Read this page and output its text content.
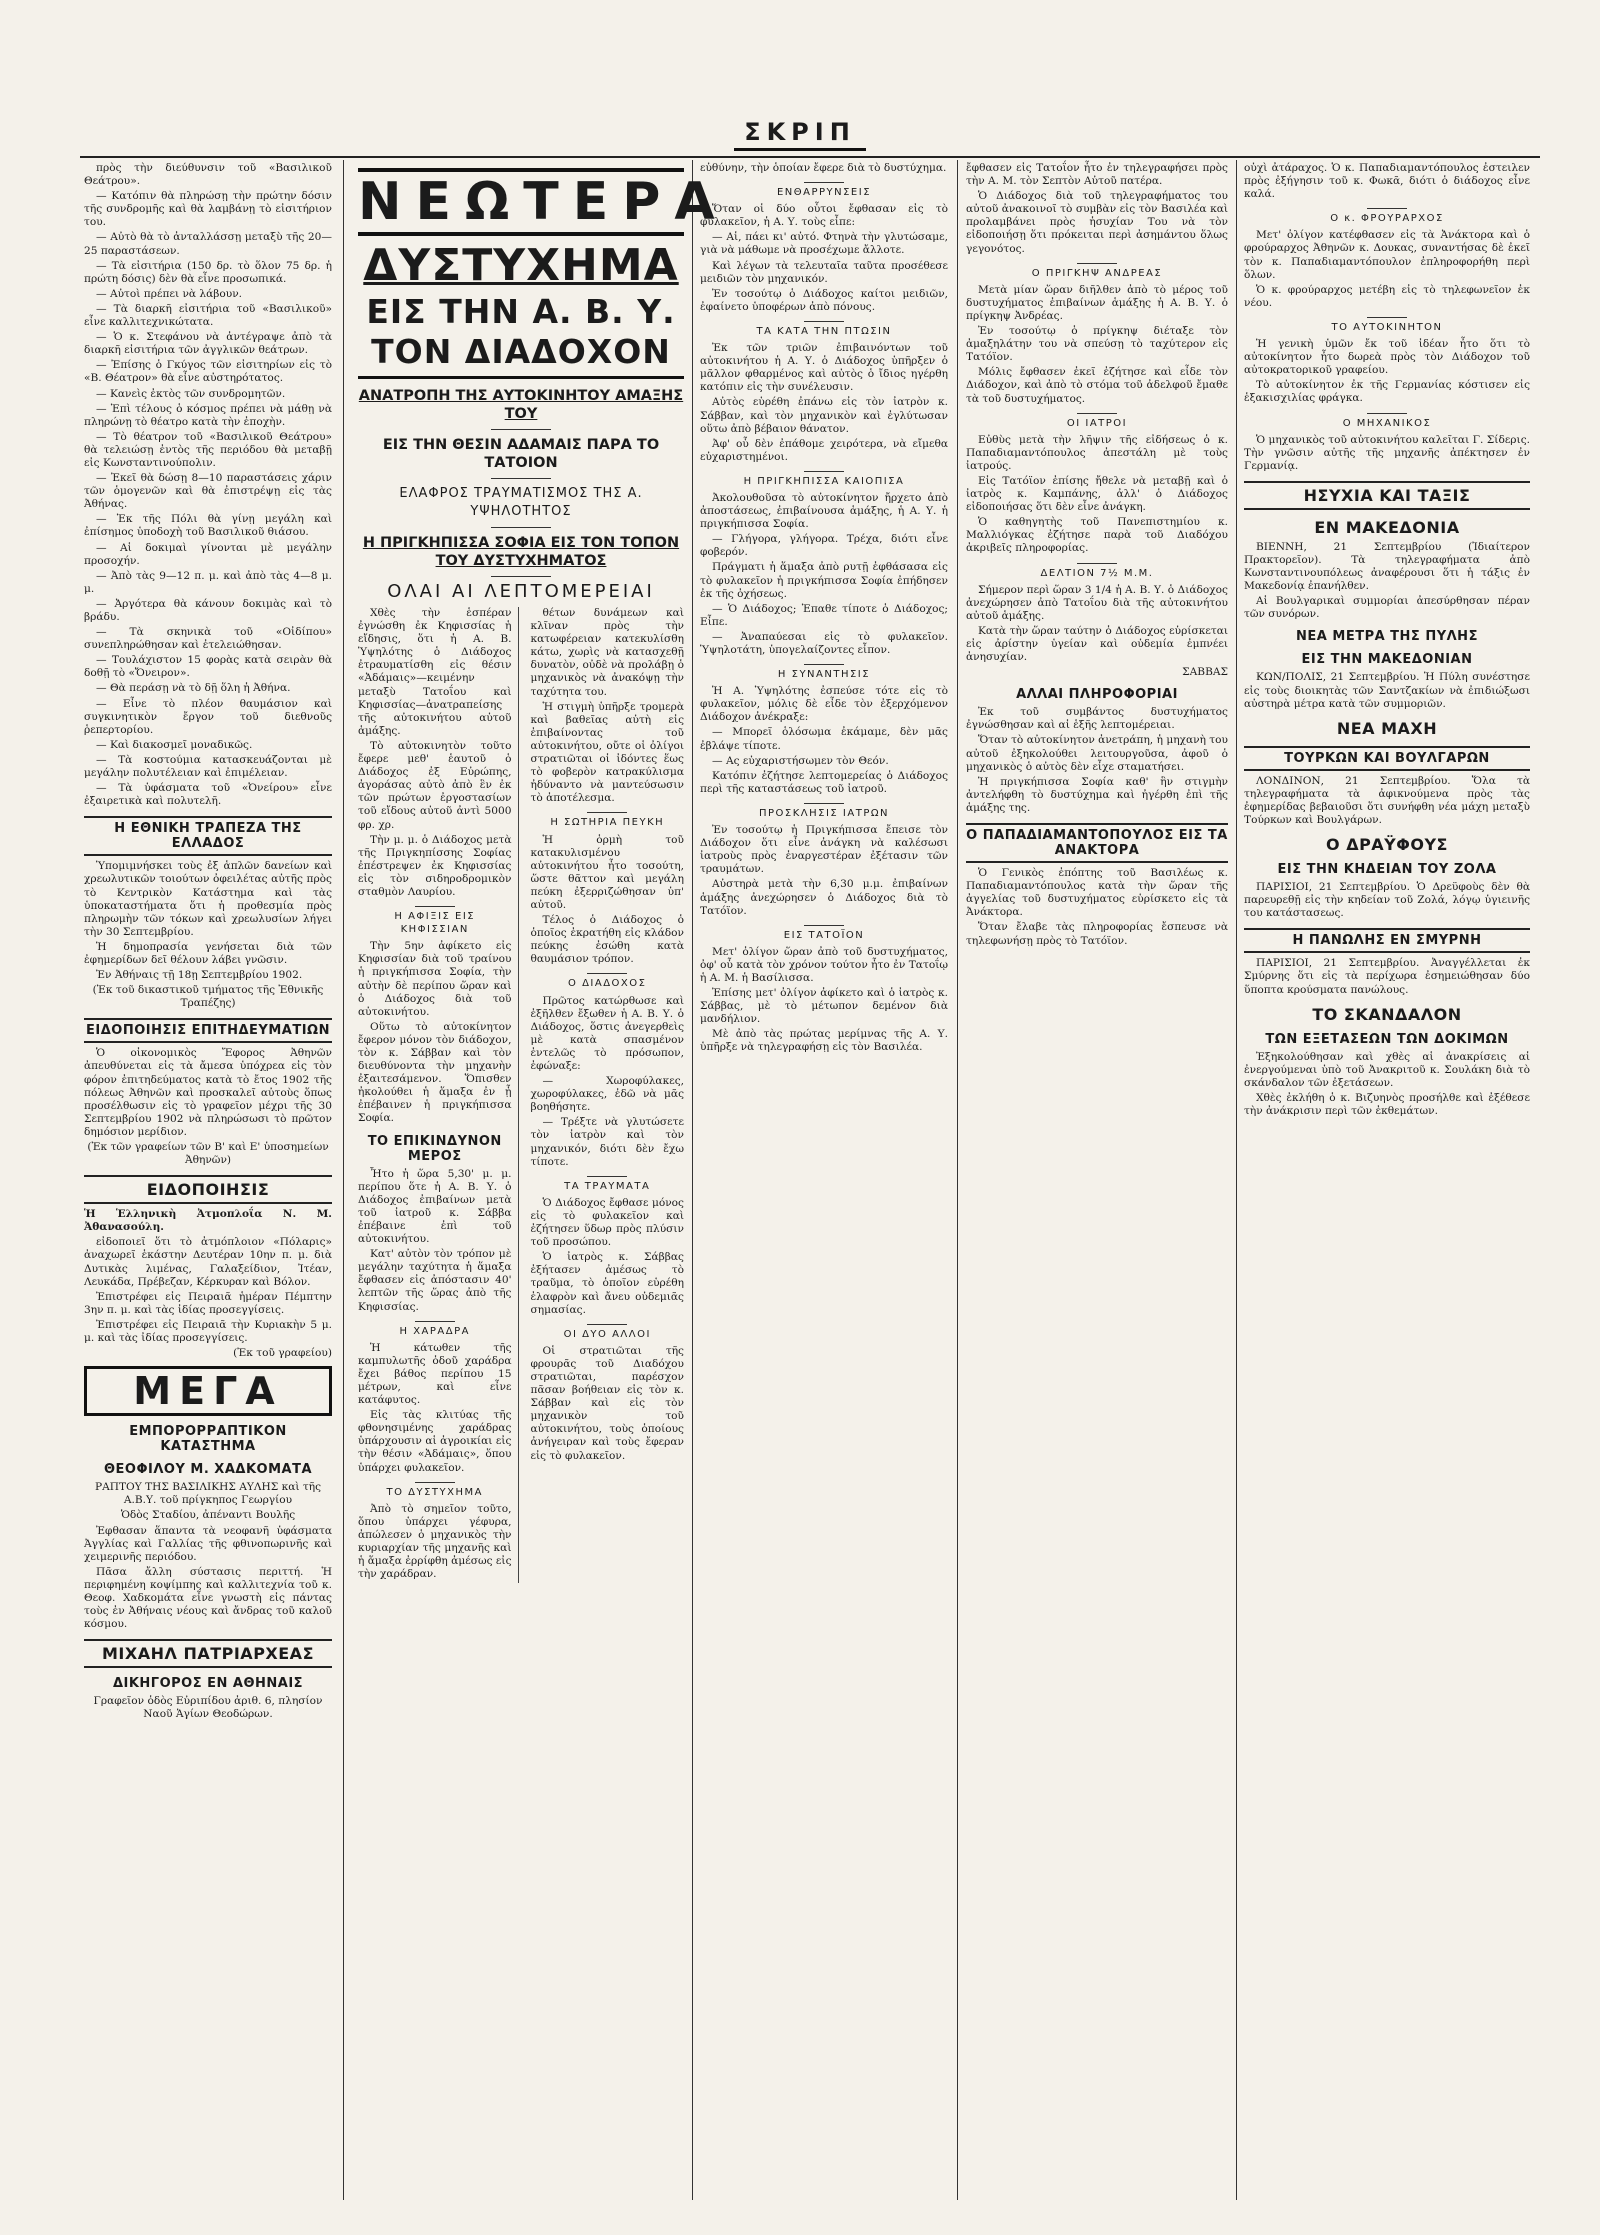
ΣΚΡΙΠ

πρὸς τὴν διεύθυνσιν τοῦ «Βασιλικοῦ Θεάτρου».

— Κατόπιν θὰ πληρώσῃ τὴν πρώτην δόσιν τῆς συνδρομῆς καὶ θὰ λαμβάνῃ τὸ εἰσιτήριον του.

— Αὐτὸ θὰ τὸ ἀνταλλάσσῃ μεταξὺ τῆς 20—25 παραστάσεων.

— Τὰ εἰσιτήρια (150 δρ. τὸ ὅλον 75 δρ. ἡ πρώτη δόσις) δὲν θὰ εἶνε προσωπικά.

— Αὐτοὶ πρέπει νὰ λάβουν.

— Τὰ διαρκῆ εἰσιτήρια τοῦ «Βασιλικοῦ» εἶνε καλλιτεχνικώτατα.

— Ὁ κ. Στεφάνου νὰ ἀντέγραψε ἀπὸ τὰ διαρκῆ εἰσιτήρια τῶν ἀγγλικῶν θεάτρων.

— Ἐπίσης ὁ Γκύγος τῶν εἰσιτηρίων εἰς τὸ «Β. Θέατρον» θὰ εἶνε αὐστηρότατος.

— Κανεὶς ἐκτὸς τῶν συνδρομητῶν.

— Ἐπὶ τέλους ὁ κόσμος πρέπει νὰ μάθῃ νὰ πληρώνῃ τὸ θέατρο κατὰ τὴν ἐποχὴν.

— Τὸ θέατρον τοῦ «Βασιλικοῦ Θεάτρου» θὰ τελειώσῃ ἐντὸς τῆς περιόδου θὰ μεταβῇ εἰς Κωνσταντινούπολιν.

— Ἐκεῖ θὰ δώσῃ 8—10 παραστάσεις χάριν τῶν ὁμογενῶν καὶ θὰ ἐπιστρέψῃ εἰς τὰς Ἀθήνας.

— Ἐκ τῆς Πόλι θὰ γίνῃ μεγάλη καὶ ἐπίσημος ὑποδοχὴ τοῦ Βασιλικοῦ θιάσου.

— Αἱ δοκιμαὶ γίνονται μὲ μεγάλην προσοχήν.

— Ἀπὸ τὰς 9—12 π. μ. καὶ ἀπὸ τὰς 4—8 μ. μ.

— Ἀργότερα θὰ κάνουν δοκιμὰς καὶ τὸ βράδυ.

— Τὰ σκηνικὰ τοῦ «Οἰδίπου» συνεπληρώθησαν καὶ ἐτελειώθησαν.

— Τουλάχιστον 15 φορὰς κατὰ σειρὰν θὰ δοθῇ τὸ «Ὄνειρον».

— Θὰ περάσῃ νὰ τὸ δῇ ὅλη ἡ Ἀθήνα.

— Εἶνε τὸ πλέον θαυμάσιον καὶ συγκινητικὸν ἔργον τοῦ διεθνοῦς ῥεπερτορίου.

— Καὶ διακοσμεῖ μοναδικῶς.

— Τὰ κοστούμια κατασκευάζονται μὲ μεγάλην πολυτέλειαν καὶ ἐπιμέλειαν.

— Τὰ ὑφάσματα τοῦ «Ὀνείρου» εἶνε ἐξαιρετικὰ καὶ πολυτελῆ.

Η ΕΘΝΙΚΗ ΤΡΑΠΕΖΑ ΤΗΣ ΕΛΛΑΔΟΣ

Ὑπομιμνήσκει τοὺς ἐξ ἁπλῶν δανείων καὶ χρεωλυτικῶν τοιούτων ὀφειλέτας αὐτῆς πρὸς τὸ Κεντρικὸν Κατάστημα καὶ τὰς ὑποκαταστήματα ὅτι ἡ προθεσμία πρὸς πληρωμὴν τῶν τόκων καὶ χρεωλυσίων λήγει τὴν 30 Σεπτεμβρίου.

Ἡ δημοπρασία γενήσεται διὰ τῶν ἐφημερίδων δεῖ θέλουν λάβει γνῶσιν.

Ἐν Ἀθήναις τῇ 18ῃ Σεπτεμβρίου 1902.

(Ἐκ τοῦ δικαστικοῦ τμήματος τῆς Ἐθνικῆς Τραπέζης)

ΕΙΔΟΠΟΙΗΣΙΣ ΕΠΙΤΗΔΕΥΜΑΤΙΩΝ

Ὁ οἰκονομικὸς Ἔφορος Ἀθηνῶν ἀπευθύνεται εἰς τὰ ἄμεσα ὑπόχρεα εἰς τὸν φόρον ἐπιτηδεύματος κατὰ τὸ ἔτος 1902 τῆς πόλεως Ἀθηνῶν καὶ προσκαλεῖ αὐτοὺς ὅπως προσέλθωσιν εἰς τὸ γραφεῖον μέχρι τῆς 30 Σεπτεμβρίου 1902 νὰ πληρώσωσι τὸ πρῶτον δημόσιον μερίδιον.

(Ἐκ τῶν γραφείων τῶν Β' καὶ Ε' ὑποσημείων Ἀθηνῶν)

ΕΙΔΟΠΟΙΗΣΙΣ

Ἡ Ἑλληνικὴ Ἀτμοπλοΐα Ν. Μ. Ἀθανασούλη.

εἰδοποιεῖ ὅτι τὸ ἀτμόπλοιον «Πόλαρις» ἀναχωρεῖ ἑκάστην Δευτέραν 10ην π. μ. διὰ Δυτικὰς λιμένας, Γαλαξείδιον, Ἰτέαν, Λευκάδα, Πρέβεζαν, Κέρκυραν καὶ Βόλον.

Ἐπιστρέφει εἰς Πειραιᾶ ἡμέραν Πέμπτην 3ην π. μ. καὶ τὰς ἰδίας προσεγγίσεις.

Ἐπιστρέφει εἰς Πειραιᾶ τὴν Κυριακὴν 5 μ. μ. καὶ τὰς ἰδίας προσεγγίσεις.

(Ἐκ τοῦ γραφείου)

ΜΕΓΑ
ΕΜΠΟΡΟΡΡΑΠΤΙΚΟΝ ΚΑΤΑΣΤΗΜΑ
ΘΕΟΦΙΛΟΥ Μ. ΧΑΔΚΟΜΑΤΑ

ΡΑΠΤΟΥ ΤΗΣ ΒΑΣΙΛΙΚΗΣ ΑΥΛΗΣ καὶ τῆς Α.Β.Υ. τοῦ πρίγκηπος Γεωργίου

Ὁδὸς Σταδίου, ἀπέναντι Βουλῆς

Ἐφθασαν ἅπαντα τὰ νεοφανῆ ὑφάσματα Ἀγγλίας καὶ Γαλλίας τῆς φθινοπωρινῆς καὶ χειμερινῆς περιόδου.

Πᾶσα ἄλλη σύστασις περιττή. Ἡ περιφημένη κοψίμπης καὶ καλλιτεχνία τοῦ κ. Θεοφ. Χαδκομάτα εἶνε γνωστὴ εἰς πάντας τοὺς ἐν Ἀθήναις νέους καὶ ἄνδρας τοῦ καλοῦ κόσμου.

ΜΙΧΑΗΛ ΠΑΤΡΙΑΡΧΕΑΣ
ΔΙΚΗΓΟΡΟΣ ΕΝ ΑΘΗΝΑΙΣ

Γραφεῖον ὁδὸς Εὐριπίδου ἀριθ. 6, πλησίον Ναοῦ Ἁγίων Θεοδώρων.

ΝΕΩΤΕΡΑ
ΔΥΣΤΥΧΗΜΑ
ΕΙΣ ΤΗΝ Α. Β. Υ. ΤΟΝ ΔΙΑΔΟΧΟΝ
ΑΝΑΤΡΟΠΗ ΤΗΣ ΑΥΤΟΚΙΝΗΤΟΥ ΑΜΑΞΗΣ ΤΟΥ
ΕΙΣ ΤΗΝ ΘΕΣΙΝ ΑΔΑΜΑΙΣ ΠΑΡΑ ΤΟ ΤΑΤΟΙΟΝ
ΕΛΑΦΡΟΣ ΤΡΑΥΜΑΤΙΣΜΟΣ ΤΗΣ Α. ΥΨΗΛΟΤΗΤΟΣ
Η ΠΡΙΓΚΗΠΙΣΣΑ ΣΟΦΙΑ ΕΙΣ ΤΟΝ ΤΟΠΟΝ ΤΟΥ ΔΥΣΤΥΧΗΜΑΤΟΣ
ΟΛΑΙ ΑΙ ΛΕΠΤΟΜΕΡΕΙΑΙ

Χθὲς τὴν ἑσπέραν ἐγνώσθη ἐκ Κηφισσίας ἡ εἴδησις, ὅτι ἡ Α. Β. Ὑψηλότης ὁ Διάδοχος ἐτραυματίσθη εἰς θέσιν «Ἀδάμαις»—κειμένην μεταξὺ Τατοΐου καὶ Κηφισσίας—ἀνατραπείσης τῆς αὐτοκινήτου αὐτοῦ ἁμάξης.

Τὸ αὐτοκινητὸν τοῦτο ἔφερε μεθ' ἑαυτοῦ ὁ Διάδοχος ἐξ Εὐρώπης, ἀγοράσας αὐτὸ ἀπὸ ἓν ἐκ τῶν πρώτων ἐργοστασίων τοῦ εἴδους αὐτοῦ ἀντὶ 5000 φρ. χρ.

Τὴν μ. μ. ὁ Διάδοχος μετὰ τῆς Πριγκηπίσσης Σοφίας ἐπέστρεψεν ἐκ Κηφισσίας εἰς τὸν σιδηροδρομικὸν σταθμὸν Λαυρίου.

Η ΑΦΙΞΙΣ ΕΙΣ ΚΗΦΙΣΣΙΑΝ

Τὴν 5ην ἀφίκετο εἰς Κηφισσίαν διὰ τοῦ τραίνου ἡ πριγκήπισσα Σοφία, τὴν αὐτὴν δὲ περίπου ὥραν καὶ ὁ Διάδοχος διὰ τοῦ αὐτοκινήτου.

Οὕτω τὸ αὐτοκίνητον ἔφερον μόνον τὸν διάδοχον, τὸν κ. Σάββαν καὶ τὸν διευθύνοντα τὴν μηχανὴν ἐξαιτεσάμενον. Ὅπισθεν ἠκολούθει ἡ ἅμαξα ἐν ᾗ ἐπέβαινεν ἡ πριγκήπισσα Σοφία.

ΤΟ ΕΠΙΚΙΝΔΥΝΟΝ ΜΕΡΟΣ

Ἦτο ἡ ὥρα 5,30' μ. μ. περίπου ὅτε ἡ Α. Β. Υ. ὁ Διάδοχος ἐπιβαίνων μετὰ τοῦ ἰατροῦ κ. Σάββα ἐπέβαινε ἐπὶ τοῦ αὐτοκινήτου.

Κατ' αὐτὸν τὸν τρόπον μὲ μεγάλην ταχύτητα ἡ ἅμαξα ἔφθασεν εἰς ἀπόστασιν 40' λεπτῶν τῆς ὥρας ἀπὸ τῆς Κηφισσίας.

Η ΧΑΡΑΔΡΑ

Ἡ κάτωθεν τῆς καμπυλωτῆς ὁδοῦ χαράδρα ἔχει βάθος περίπου 15 μέτρων, καὶ εἶνε κατάφυτος.

Εἰς τὰς κλιτύας τῆς φθονησιμένης χαράδρας ὑπάρχουσιν αἱ ἀγροικίαι εἰς τὴν θέσιν «Ἀδάμαις», ὅπου ὑπάρχει φυλακεῖον.

ΤΟ ΔΥΣΤΥΧΗΜΑ

Ἀπὸ τὸ σημεῖον τοῦτο, ὅπου ὑπάρχει γέφυρα, ἀπώλεσεν ὁ μηχανικὸς τὴν κυριαρχίαν τῆς μηχανῆς καὶ ἡ ἅμαξα ἐρρίφθη ἀμέσως εἰς τὴν χαράδραν.

θέτων δυνάμεων καὶ κλῖναν πρὸς τὴν κατωφέρειαν κατεκυλίσθη κάτω, χωρὶς νὰ κατασχεθῇ δυνατὸν, οὐδὲ νὰ προλάβῃ ὁ μηχανικὸς νὰ ἀνακόψῃ τὴν ταχύτητα του.

Ἡ στιγμὴ ὑπῆρξε τρομερὰ καὶ βαθεῖας αὐτὴ εἰς ἐπιβαίνοντας τοῦ αὐτοκινήτου, οὔτε οἱ ὀλίγοι στρατιῶται οἱ ἰδόντες ἕως τὸ φοβερὸν κατρακύλισμα ἠδύναντο νὰ μαντεύσωσιν τὸ ἀποτέλεσμα.

Η ΣΩΤΗΡΙΑ ΠΕΥΚΗ

Ἡ ὁρμὴ τοῦ κατακυλισμένου αὐτοκινήτου ἦτο τοσούτη, ὥστε θᾶττον καὶ μεγάλη πεύκη ἐξερριζώθησαν ὑπ' αὐτοῦ.

Τέλος ὁ Διάδοχος ὁ ὁποῖος ἐκρατήθη εἰς κλάδον πεύκης ἐσώθη κατὰ θαυμάσιον τρόπον.

Ο ΔΙΑΔΟΧΟΣ

Πρῶτος κατώρθωσε καὶ ἐξῆλθεν ἔξωθεν ἡ Α. Β. Υ. ὁ Διάδοχος, ὅστις ἀνεγερθεὶς μὲ κατὰ σπασμένον ἐντελῶς τὸ πρόσωπον, ἐφώναξε:

— Χωροφύλακες, χωροφύλακες, ἐδῶ νὰ μᾶς βοηθήσητε.

— Τρέξτε νὰ γλυτώσετε τὸν ἰατρὸν καὶ τὸν μηχανικόν, διότι δὲν ἔχω τίποτε.

ΤΑ ΤΡΑΥΜΑΤΑ

Ὁ Διάδοχος ἔφθασε μόνος εἰς τὸ φυλακεῖον καὶ ἐζήτησεν ὕδωρ πρὸς πλύσιν τοῦ προσώπου.

Ὁ ἰατρὸς κ. Σάββας ἐξήτασεν ἀμέσως τὸ τραῦμα, τὸ ὁποῖον εὑρέθη ἐλαφρὸν καὶ ἄνευ οὐδεμιᾶς σημασίας.

ΟΙ ΔΥΟ ΑΛΛΟΙ

Οἱ στρατιῶται τῆς φρουρᾶς τοῦ Διαδόχου στρατιῶται, παρέσχον πᾶσαν βοήθειαν εἰς τὸν κ. Σάββαν καὶ εἰς τὸν μηχανικὸν τοῦ αὐτοκινήτου, τοὺς ὁποίους ἀνήγειραν καὶ τοὺς ἔφεραν εἰς τὸ φυλακεῖον.

εὐθύνην, τὴν ὁποίαν ἔφερε διὰ τὸ δυστύχημα.

ΕΝΘΑΡΡΥΝΣΕΙΣ

Ὅταν οἱ δύο οὗτοι ἔφθασαν εἰς τὸ φυλακεῖον, ἡ Α. Υ. τοὺς εἶπε:

— Αἱ, πάει κι' αὐτό. Φτηνὰ τὴν γλυτώσαμε, γιὰ νὰ μάθωμε νὰ προσέχωμε ἄλλοτε.

Καὶ λέγων τὰ τελευταῖα ταῦτα προσέθεσε μειδιῶν τὸν μηχανικόν.

Ἐν τοσούτῳ ὁ Διάδοχος καίτοι μειδιῶν, ἐφαίνετο ὑποφέρων ἀπὸ πόνους.

ΤΑ ΚΑΤΑ ΤΗΝ ΠΤΩΣΙΝ

Ἐκ τῶν τριῶν ἐπιβαινόντων τοῦ αὐτοκινήτου ἡ Α. Υ. ὁ Διάδοχος ὑπῆρξεν ὁ μᾶλλον φθαρμένος καὶ αὐτὸς ὁ ἴδιος ηγέρθη κατόπιν εἰς τὴν συνέλευσιν.

Αὐτὸς εὑρέθη ἐπάνω εἰς τὸν ἰατρὸν κ. Σάββαν, καὶ τὸν μηχανικὸν καὶ ἐγλύτωσαν οὕτω ἀπὸ βέβαιον θάνατον.

Ἀφ' οὗ δὲν ἐπάθομε χειρότερα, νὰ εἴμεθα εὐχαριστημένοι.

Η ΠΡΙΓΚΗΠΙΣΣΑ ΚΑΙΟΠΙΣΑ

Ἀκολουθοῦσα τὸ αὐτοκίνητον ἤρχετο ἀπὸ ἀποστάσεως, ἐπιβαίνουσα ἁμάξης, ἡ Α. Υ. ἡ πριγκήπισσα Σοφία.

— Γλήγορα, γλήγορα. Τρέχα, διότι εἶνε φοβερόν.

Πράγματι ἡ ἅμαξα ἀπὸ ρυτῇ ἐφθάσασα εἰς τὸ φυλακεῖον ἡ πριγκήπισσα Σοφία ἐπήδησεν ἐκ τῆς ὀχήσεως.

— Ὁ Διάδοχος; Ἐπαθε τίποτε ὁ Διάδοχος; Εἶπε.

— Ἀναπαύεσαι εἰς τὸ φυλακεῖον. Ὑψηλοτάτη, ὑπογελαίζοντες εἶπον.

Η ΣΥΝΑΝΤΗΣΙΣ

Ἡ Α. Ὑψηλότης ἐσπεύσε τότε εἰς τὸ φυλακεῖον, μόλις δὲ εἶδε τὸν ἐξερχόμενον Διάδοχον ἀνέκραξε:

— Μπορεῖ ὁλόσωμα ἐκάμαμε, δὲν μᾶς ἐβλάψε τίποτε.

— Ας εὐχαριστήσωμεν τὸν Θεόν.

Κατόπιν ἐζήτησε λεπτομερείας ὁ Διάδοχος περὶ τῆς καταστάσεως τοῦ ἰατροῦ.

ΠΡΟΣΚΛΗΣΙΣ ΙΑΤΡΩΝ

Ἐν τοσούτῳ ἡ Πριγκήπισσα ἔπεισε τὸν Διάδοχον ὅτι εἶνε ἀνάγκη νὰ καλέσωσι ἰατροὺς πρὸς ἐναργεστέραν ἐξέτασιν τῶν τραυμάτων.

Αὐστηρὰ μετὰ τὴν 6,30 μ.μ. ἐπιβαίνων ἁμάξης ἀνεχώρησεν ὁ Διάδοχος διὰ τὸ Τατόϊον.

ΕΙΣ ΤΑΤΟΪΟΝ

Μετ' ὀλίγον ὥραν ἀπὸ τοῦ δυστυχήματος, ὀφ' οὗ κατὰ τὸν χρόνον τούτον ἦτο ἐν Τατοΐῳ ἡ Α. Μ. ἡ Βασίλισσα.

Ἐπίσης μετ' ὀλίγον ἀφίκετο καὶ ὁ ἰατρὸς κ. Σάββας, μὲ τὸ μέτωπον δεμένον διὰ μανδήλιον.

Μὲ ἀπὸ τὰς πρώτας μερίμνας τῆς Α. Υ. ὑπῆρξε νὰ τηλεγραφήσῃ εἰς τὸν Βασιλέα.

ἔφθασεν εἰς Τατοΐον ἦτο ἐν τηλεγραφήσει πρὸς τὴν Α. Μ. τὸν Σεπτὸν Αὐτοῦ πατέρα.

Ὁ Διάδοχος διὰ τοῦ τηλεγραφήματος του αὐτοῦ ἀνακοινοῖ τὸ συμβὰν εἰς τὸν Βασιλέα καὶ προλαμβάνει πρὸς ἡσυχίαν Του νὰ τὸν εἰδοποιήσῃ ὅτι πρόκειται περὶ ἀσημάντου ὅλως γεγονότος.

Ο ΠΡΙΓΚΗΨ ΑΝΔΡΕΑΣ

Μετὰ μίαν ὥραν διῆλθεν ἀπὸ τὸ μέρος τοῦ δυστυχήματος ἐπιβαίνων ἁμάξης ἡ Α. Β. Υ. ὁ πρίγκηψ Ἀνδρέας.

Ἐν τοσούτῳ ὁ πρίγκηψ διέταξε τὸν ἀμαξηλάτην του νὰ σπεύσῃ τὸ ταχύτερον εἰς Τατόϊον.

Μόλις ἔφθασεν ἐκεῖ ἐζήτησε καὶ εἶδε τὸν Διάδοχον, καὶ ἀπὸ τὸ στόμα τοῦ ἀδελφοῦ ἔμαθε τὰ τοῦ δυστυχήματος.

ΟΙ ΙΑΤΡΟΙ

Εὐθὺς μετὰ τὴν λῆψιν τῆς εἰδήσεως ὁ κ. Παπαδιαμαντόπουλος ἀπεστάλη μὲ τοὺς ἰατρούς.

Εἰς Τατόϊον ἐπίσης ἤθελε νὰ μεταβῇ καὶ ὁ ἰατρὸς κ. Καμπάνης, ἀλλ' ὁ Διάδοχος εἰδοποιήσας ὅτι δὲν εἶνε ἀνάγκη.

Ὁ καθηγητὴς τοῦ Πανεπιστημίου κ. Μαλλιόγκας ἐζήτησε παρὰ τοῦ Διαδόχου ἀκριβεῖς πληροφορίας.

ΔΕΛΤΙΟΝ 7½ Μ.Μ.

Σήμερον περὶ ὥραν 3 1/4 ἡ Α. Β. Υ. ὁ Διάδοχος ἀνεχώρησεν ἀπὸ Τατοΐου διὰ τῆς αὐτοκινήτου αὐτοῦ ἁμάξης.

Κατὰ τὴν ὥραν ταύτην ὁ Διάδοχος εὑρίσκεται εἰς ἀρίστην ὑγείαν καὶ οὐδεμία ἐμπνέει ἀνησυχίαν.

ΣΑΒΒΑΣ

ΑΛΛΑΙ ΠΛΗΡΟΦΟΡΙΑΙ

Ἐκ τοῦ συμβάντος δυστυχήματος ἐγνώσθησαν καὶ αἱ ἑξῆς λεπτομέρειαι.

Ὅταν τὸ αὐτοκίνητον ἀνετράπη, ἡ μηχανὴ του αὐτοῦ ἐξηκολούθει λειτουργοῦσα, ἀφοῦ ὁ μηχανικὸς ὁ αὐτὸς δὲν εἶχε σταματήσει.

Ἡ πριγκήπισσα Σοφία καθ' ἣν στιγμὴν ἀντελήφθη τὸ δυστύχημα καὶ ἠγέρθη ἐπὶ τῆς ἁμάξης της.

Ο ΠΑΠΑΔΙΑΜΑΝΤΟΠΟΥΛΟΣ ΕΙΣ ΤΑ ΑΝΑΚΤΟΡΑ

Ὁ Γενικὸς ἐπόπτης τοῦ Βασιλέως κ. Παπαδιαμαντόπουλος κατὰ τὴν ὥραν τῆς ἀγγελίας τοῦ δυστυχήματος εὑρίσκετο εἰς τὰ Ἀνάκτορα.

Ὅταν ἔλαβε τὰς πληροφορίας ἔσπευσε νὰ τηλεφωνήσῃ πρὸς τὸ Τατόϊον.

οὐχὶ ἀτάραχος. Ὁ κ. Παπαδιαμαντόπουλος ἐστειλεν πρὸς ἐξήγησιν τοῦ κ. Φωκᾶ, διότι ὁ διάδοχος εἶνε καλά.

Ο κ. ΦΡΟΥΡΑΡΧΟΣ

Μετ' ὀλίγον κατέφθασεν εἰς τὰ Ἀνάκτορα καὶ ὁ φρούραρχος Ἀθηνῶν κ. Δουκας, συναντήσας δὲ ἐκεῖ τὸν κ. Παπαδιαμαντόπουλον ἐπληροφορήθη περὶ ὅλων.

Ὁ κ. φρούραρχος μετέβη εἰς τὸ τηλεφωνεῖον ἐκ νέου.

ΤΟ ΑΥΤΟΚΙΝΗΤΟΝ

Ἡ γενικὴ ὑμῶν ἔκ τοῦ ἰδέαν ἦτο ὅτι τὸ αὐτοκίνητον ἦτο δωρεὰ πρὸς τὸν Διάδοχον τοῦ αὐτοκρατορικοῦ γραφείου.

Τὸ αὐτοκίνητον ἐκ τῆς Γερμανίας κόστισεν εἰς ἑξακισχιλίας φράγκα.

Ο ΜΗΧΑΝΙΚΟΣ

Ὁ μηχανικὸς τοῦ αὐτοκινήτου καλεῖται Γ. Σίδερις. Τὴν γνῶσιν αὐτῆς τῆς μηχανῆς ἀπέκτησεν ἐν Γερμανίᾳ.

ΗΣΥΧΙΑ ΚΑΙ ΤΑΞΙΣ
ΕΝ ΜΑΚΕΔΟΝΙΑ

ΒΙΕΝΝΗ, 21 Σεπτεμβρίου (Ἰδιαίτερον Πρακτορεῖον). Τὰ τηλεγραφήματα ἀπὸ Κωνσταντινουπόλεως ἀναφέρουσι ὅτι ἡ τάξις ἐν Μακεδονίᾳ ἐπανήλθεν.

Αἱ Βουλγαρικαὶ συμμορίαι ἀπεσύρθησαν πέραν τῶν συνόρων.

ΝΕΑ ΜΕΤΡΑ ΤΗΣ ΠΥΛΗΣ
ΕΙΣ ΤΗΝ ΜΑΚΕΔΟΝΙΑΝ

ΚΩΝ/ΠΟΛΙΣ, 21 Σεπτεμβρίου. Ἡ Πύλη συνέστησε εἰς τοὺς διοικητὰς τῶν Σαντζακίων νὰ ἐπιδιώξωσι αὐστηρὰ μέτρα κατὰ τῶν συμμοριῶν.

ΝΕΑ ΜΑΧΗ
ΤΟΥΡΚΩΝ ΚΑΙ ΒΟΥΛΓΑΡΩΝ

ΛΟΝΔΙΝΟΝ, 21 Σεπτεμβρίου. Ὅλα τὰ τηλεγραφήματα τὰ ἀφικνούμενα πρὸς τὰς ἐφημερίδας βεβαιοῦσι ὅτι συνήφθη νέα μάχη μεταξὺ Τούρκων καὶ Βουλγάρων.

Ο ΔΡΑΫΦΟΥΣ
ΕΙΣ ΤΗΝ ΚΗΔΕΙΑΝ ΤΟΥ ΖΟΛΑ

ΠΑΡΙΣΙΟΙ, 21 Σεπτεμβρίου. Ὁ Δρεϋφοὺς δὲν θὰ παρευρεθῇ εἰς τὴν κηδείαν τοῦ Ζολά, λόγῳ ὑγιεινῆς του κατάστασεως.

Η ΠΑΝΩΛΗΣ ΕΝ ΣΜΥΡΝΗ

ΠΑΡΙΣΙΟΙ, 21 Σεπτεμβρίου. Ἀναγγέλλεται ἐκ Σμύρνης ὅτι εἰς τὰ περίχωρα ἐσημειώθησαν δύο ὕποπτα κρούσματα πανώλους.

ΤΟ ΣΚΑΝΔΑΛΟΝ
ΤΩΝ ΕΞΕΤΑΣΕΩΝ ΤΩΝ ΔΟΚΙΜΩΝ

Ἐξηκολούθησαν καὶ χθὲς αἱ ἀνακρίσεις αἱ ἐνεργούμεναι ὑπὸ τοῦ Ἀνακριτοῦ κ. Σουλάκη διὰ τὸ σκάνδαλον τῶν ἐξετάσεων.

Χθὲς ἐκλήθη ὁ κ. Βιζυηνὸς προσήλθε καὶ ἐξέθεσε τὴν ἀνάκρισιν περὶ τῶν ἐκθεμάτων.
